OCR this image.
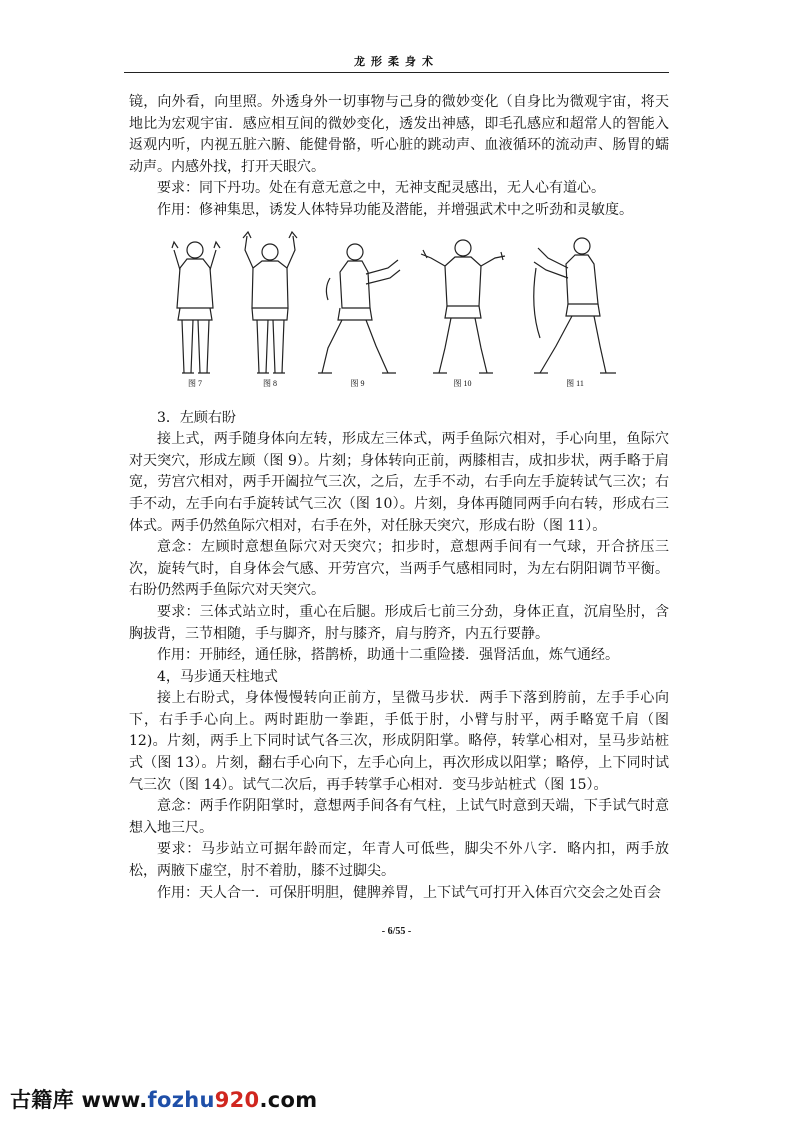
龙形柔身术

镜，向外看，向里照。外透身外一切事物与己身的微妙变化（自身比为微观宇宙，将天地比为宏观宇宙．感应相互间的微妙变化，透发出神感，即毛孔感应和超常人的智能入返观内听，内视五脏六腑、能健骨骼，听心脏的跳动声、血液循环的流动声、肠胃的蠕动声。内感外找，打开天眼穴。

要求：同下丹功。处在有意无意之中，无神支配灵感出，无人心有道心。

作用：修神集思，诱发人体特异功能及潜能，并增强武术中之听劲和灵敏度。

3．左顾右盼

接上式，两手随身体向左转，形成左三体式，两手鱼际穴相对，手心向里，鱼际穴对天突穴，形成左顾（图 9）。片刻；身体转向正前，两膝相吉，成扣步状，两手略于肩宽，劳宫穴相对，两手开阖拉气三次，之后，左手不动，右手向左手旋转试气三次；右手不动，左手向右手旋转试气三次（图 10）。片刻，身体再随同两手向右转，形成右三体式。两手仍然鱼际穴相对，右手在外，对任脉天突穴，形成右盼（图 11）。

意念：左顾时意想鱼际穴对天突穴；扣步时，意想两手间有一气球，开合挤压三次，旋转气时，自身体会气感、开劳宫穴，当两手气感相同时，为左右阴阳调节平衡。右盼仍然两手鱼际穴对天突穴。

要求：三体式站立时，重心在后腿。形成后七前三分劲，身体正直，沉肩坠肘，含胸拔背，三节相随，手与脚齐，肘与膝齐，肩与胯齐，内五行要静。

作用：开肺经，通任脉，搭鹊桥，助通十二重险搂．强肾活血，炼气通经。

4，马步通天柱地式

接上右盼式，身体慢慢转向正前方，呈微马步状．两手下落到胯前，左手手心向下，右手手心向上。两时距肋一拳距，手低于肘，小臂与肘平，两手略宽千肩（图 12)。片刻，两手上下同时试气各三次，形成阴阳掌。略停，转掌心相对，呈马步站桩式（图 13）。片刻，翻右手心向下，左手心向上，再次形成以阳掌；略停，上下同时试气三次（图 14）。试气二次后，再手转掌手心相对．变马步站桩式（图 15）。

意念：两手作阴阳掌时，意想两手间各有气柱，上试气时意到天端，下手试气时意想入地三尺。

要求：马步站立可据年龄而定，年青人可低些，脚尖不外八字．略内扣，两手放松，两腋下虚空，肘不着肋，膝不过脚尖。

作用：天人合一．可保肝明胆，健脾养胃，上下试气可打开入体百穴交会之处百会

图 7	图 8	图 9	图 10	图 11
- 6/55 -
古籍库 www.fozhu920.com
